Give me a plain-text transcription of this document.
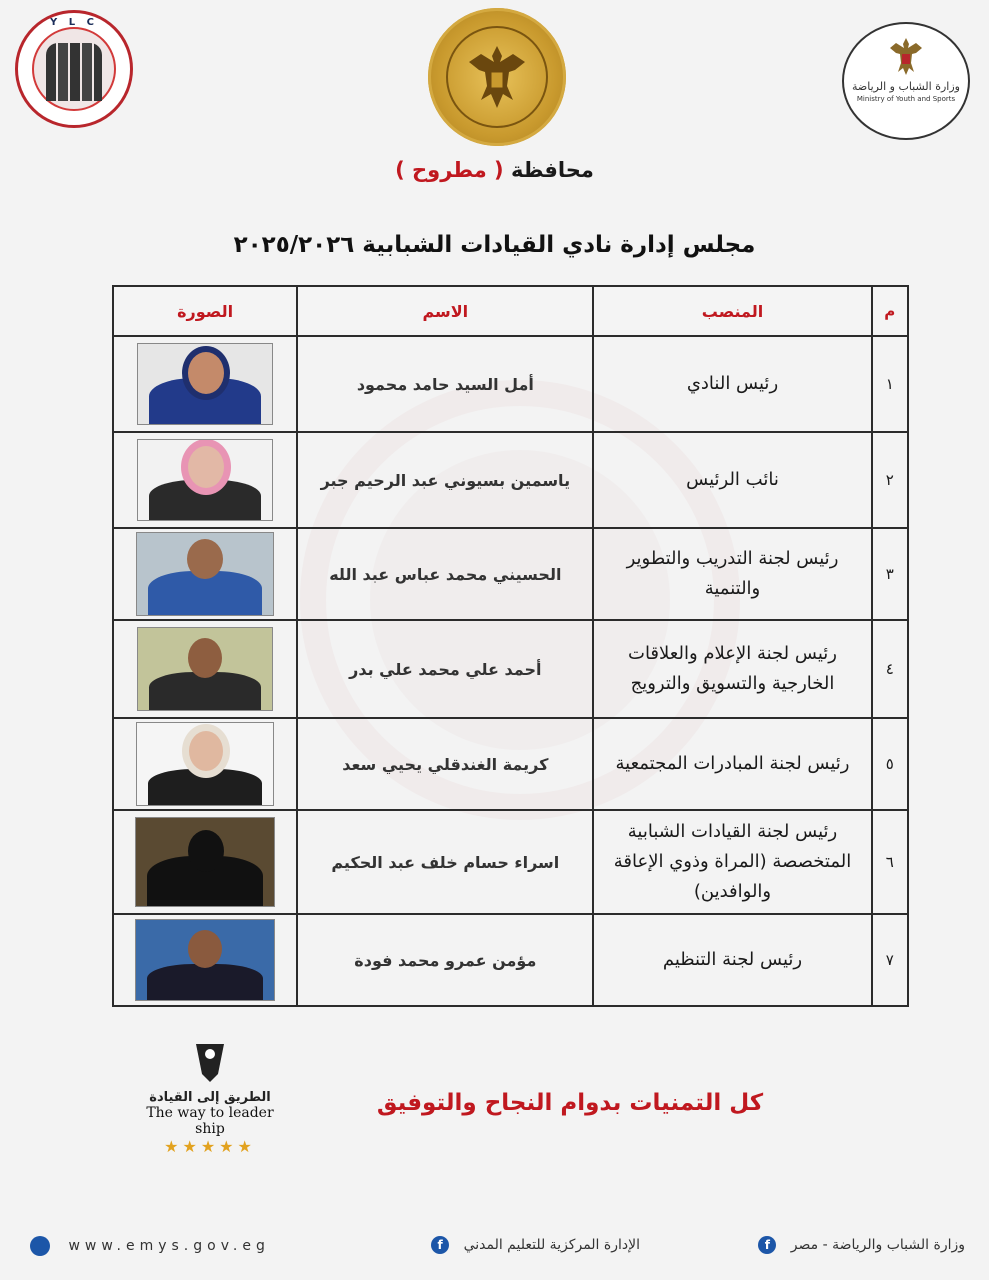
Y L C
وزارة الشباب و الرياضة
Ministry of Youth and Sports
محافظة ( مطروح )
مجلس إدارة نادي القيادات الشبابية ٢٠٢٥/٢٠٢٦
م	المنصب	الاسم	الصورة
١	رئيس النادي	أمل السيد حامد محمود	

٢	نائب الرئيس	ياسمين بسيوني عبد الرحيم جبر	

٣	رئيس لجنة التدريب والتطوير والتنمية	الحسيني محمد عباس عبد الله	

٤	رئيس لجنة الإعلام والعلاقات الخارجية والتسويق والترويج	أحمد علي محمد علي بدر	

٥	رئيس لجنة المبادرات المجتمعية	كريمة الغندقلي يحيي سعد	

٦	رئيس لجنة القيادات الشبابية المتخصصة (المراة وذوي الإعاقة والوافدين)	اسراء حسام خلف عبد الحكيم	

٧	رئيس لجنة التنظيم	مؤمن عمرو محمد فودة	
الطريق إلى القيادة
The way to leader ship
★★★★★
كل التمنيات بدوام النجاح والتوفيق
www.emys.gov.eg	الإدارة المركزية للتعليم المدني f	وزارة الشباب والرياضة - مصر f
